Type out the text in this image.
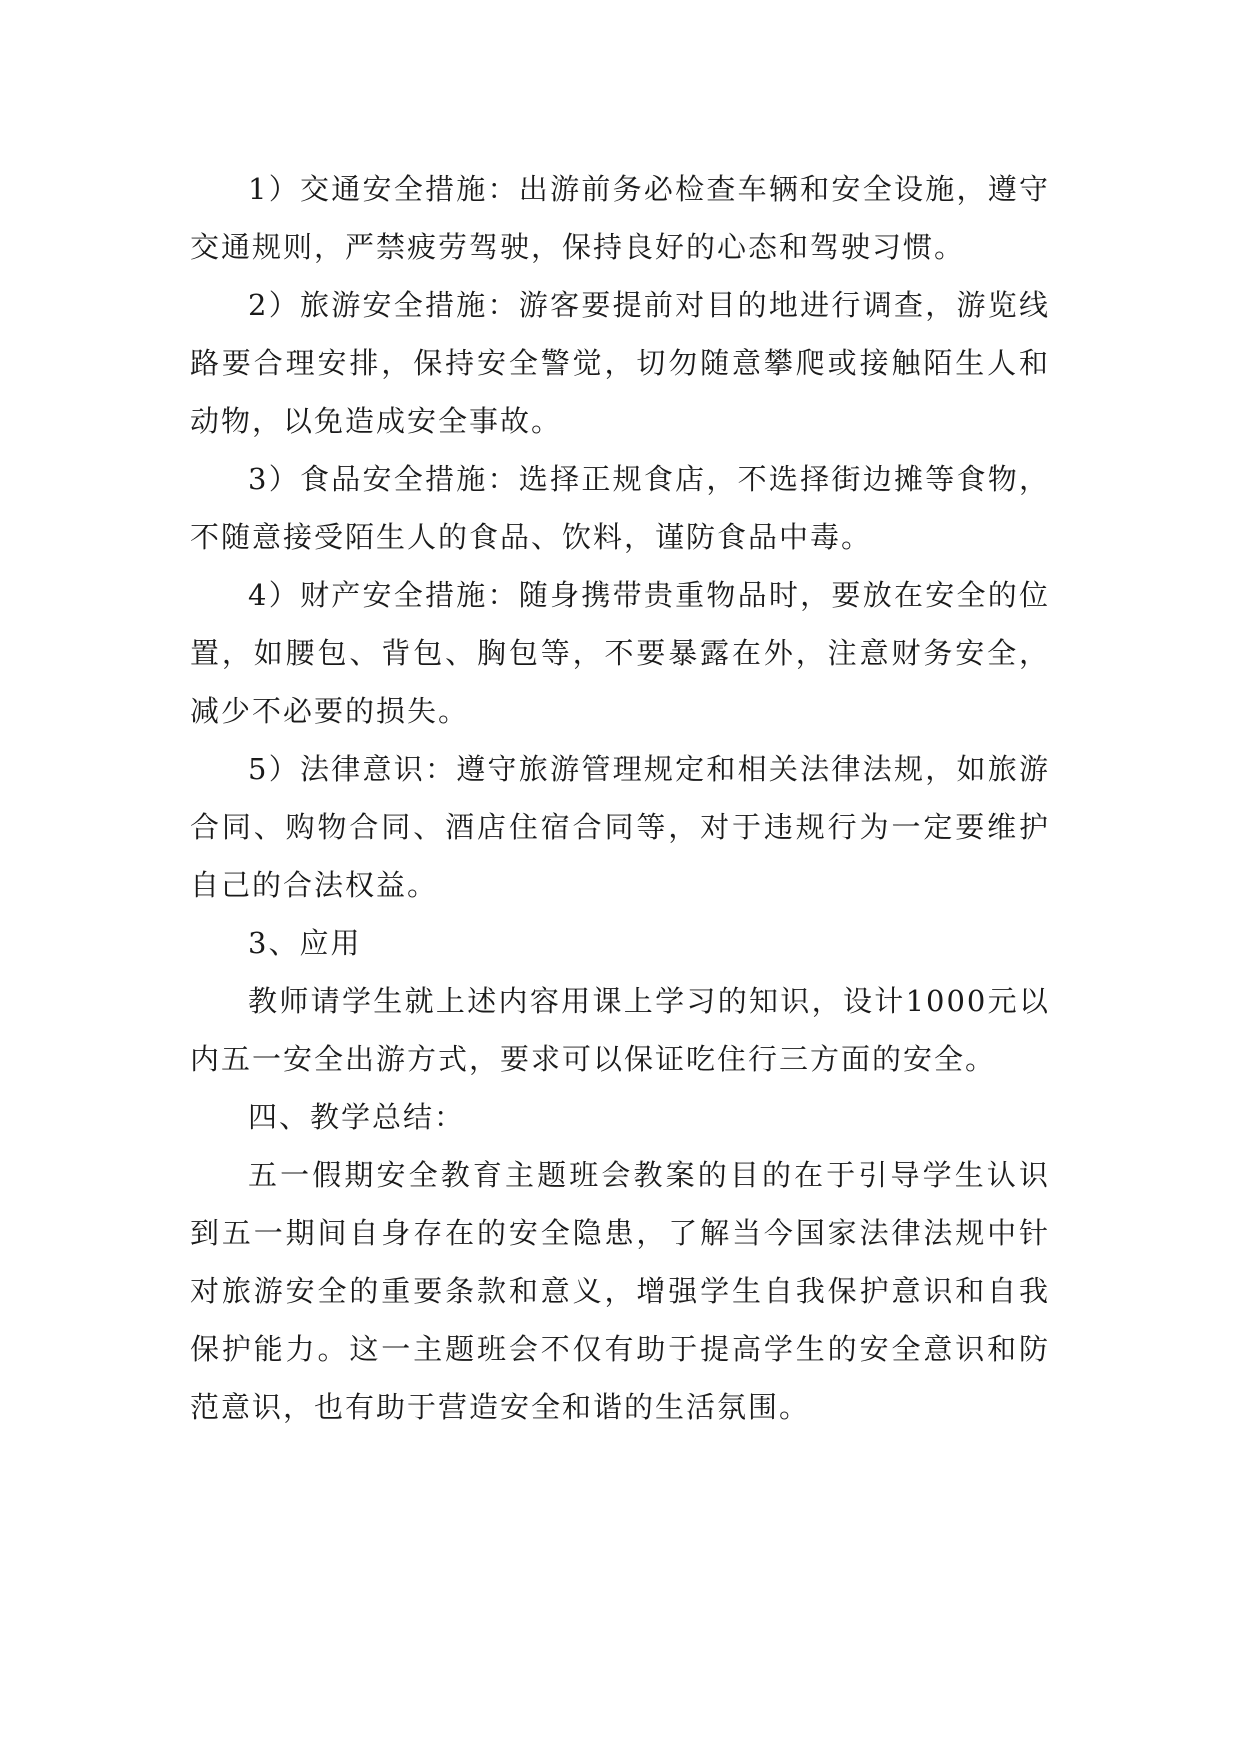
1）交通安全措施：出游前务必检查车辆和安全设施，遵守交通规则，严禁疲劳驾驶，保持良好的心态和驾驶习惯。

2）旅游安全措施：游客要提前对目的地进行调查，游览线路要合理安排，保持安全警觉，切勿随意攀爬或接触陌生人和动物，以免造成安全事故。

3）食品安全措施：选择正规食店，不选择街边摊等食物，不随意接受陌生人的食品、饮料，谨防食品中毒。

4）财产安全措施：随身携带贵重物品时，要放在安全的位置，如腰包、背包、胸包等，不要暴露在外，注意财务安全，减少不必要的损失。

5）法律意识：遵守旅游管理规定和相关法律法规，如旅游合同、购物合同、酒店住宿合同等，对于违规行为一定要维护自己的合法权益。

3、应用

教师请学生就上述内容用课上学习的知识，设计1000元以内五一安全出游方式，要求可以保证吃住行三方面的安全。

四、教学总结：

五一假期安全教育主题班会教案的目的在于引导学生认识到五一期间自身存在的安全隐患，了解当今国家法律法规中针对旅游安全的重要条款和意义，增强学生自我保护意识和自我保护能力。这一主题班会不仅有助于提高学生的安全意识和防范意识，也有助于营造安全和谐的生活氛围。
